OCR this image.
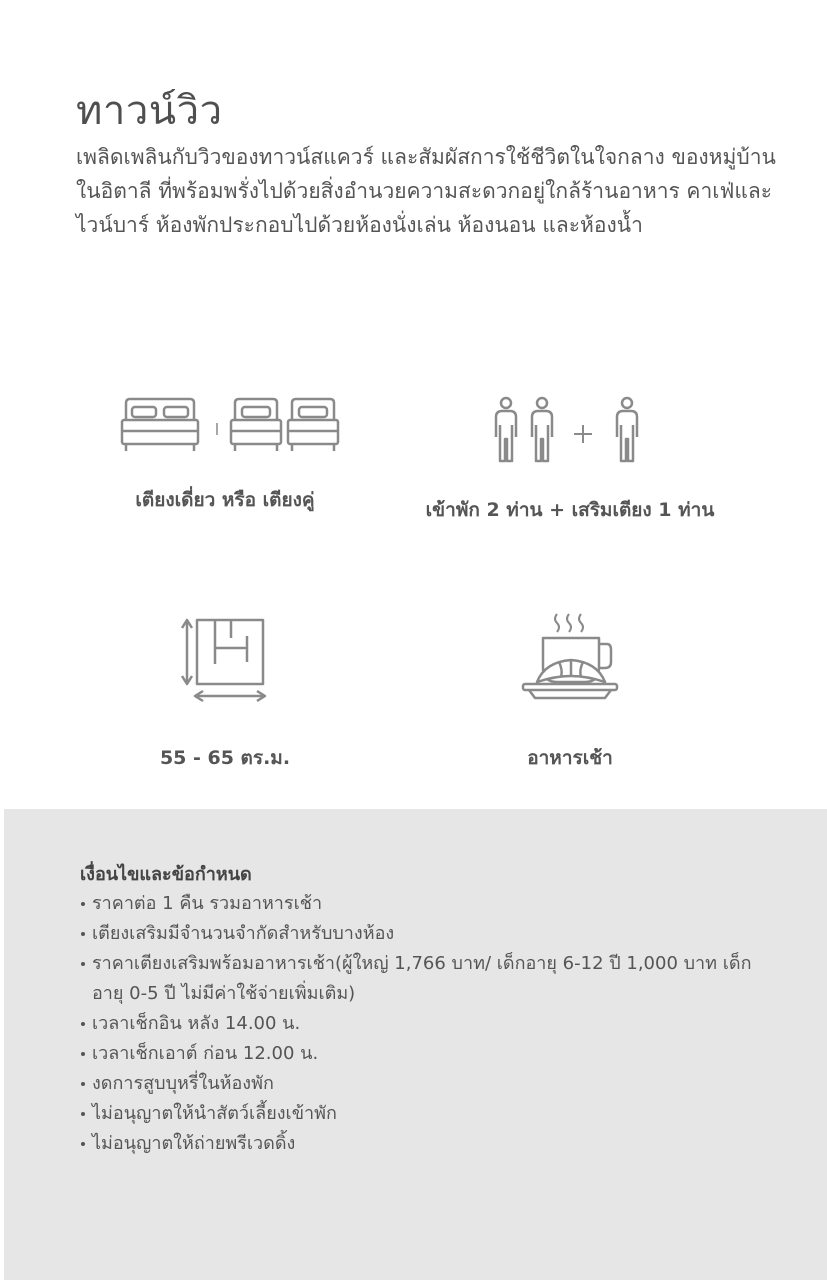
ทาวน์วิว
เพลิดเพลินกับวิวของทาวน์สแควร์ และสัมผัสการใช้ชีวิตในใจกลาง ของหมู่บ้านในอิตาลี ที่พร้อมพรั่งไปด้วยสิ่งอำนวยความสะดวกอยู่ใกล้ร้านอาหาร คาเฟ่และไวน์บาร์ ห้องพักประกอบไปด้วยห้องนั่งเล่น ห้องนอน และห้องน้ำ
เตียงเดี่ยว หรือ เตียงคู่	เข้าพัก 2 ท่าน + เสริมเตียง 1 ท่าน
55 - 65 ตร.ม.	อาหารเช้า
เงื่อนไขและข้อกำหนด
ราคาต่อ 1 คืน รวมอาหารเช้า
เตียงเสริมมีจำนวนจำกัดสำหรับบางห้อง
ราคาเตียงเสริมพร้อมอาหารเช้า(ผู้ใหญ่ 1,766 บาท/ เด็กอายุ 6-12 ปี 1,000 บาท เด็กอายุ 0-5 ปี ไม่มีค่าใช้จ่ายเพิ่มเติม)
เวลาเช็กอิน หลัง 14.00 น.
เวลาเช็กเอาต์ ก่อน 12.00 น.
งดการสูบบุหรี่ในห้องพัก
ไม่อนุญาตให้นำสัตว์เลี้ยงเข้าพัก
ไม่อนุญาตให้ถ่ายพรีเวดดิ้ง
